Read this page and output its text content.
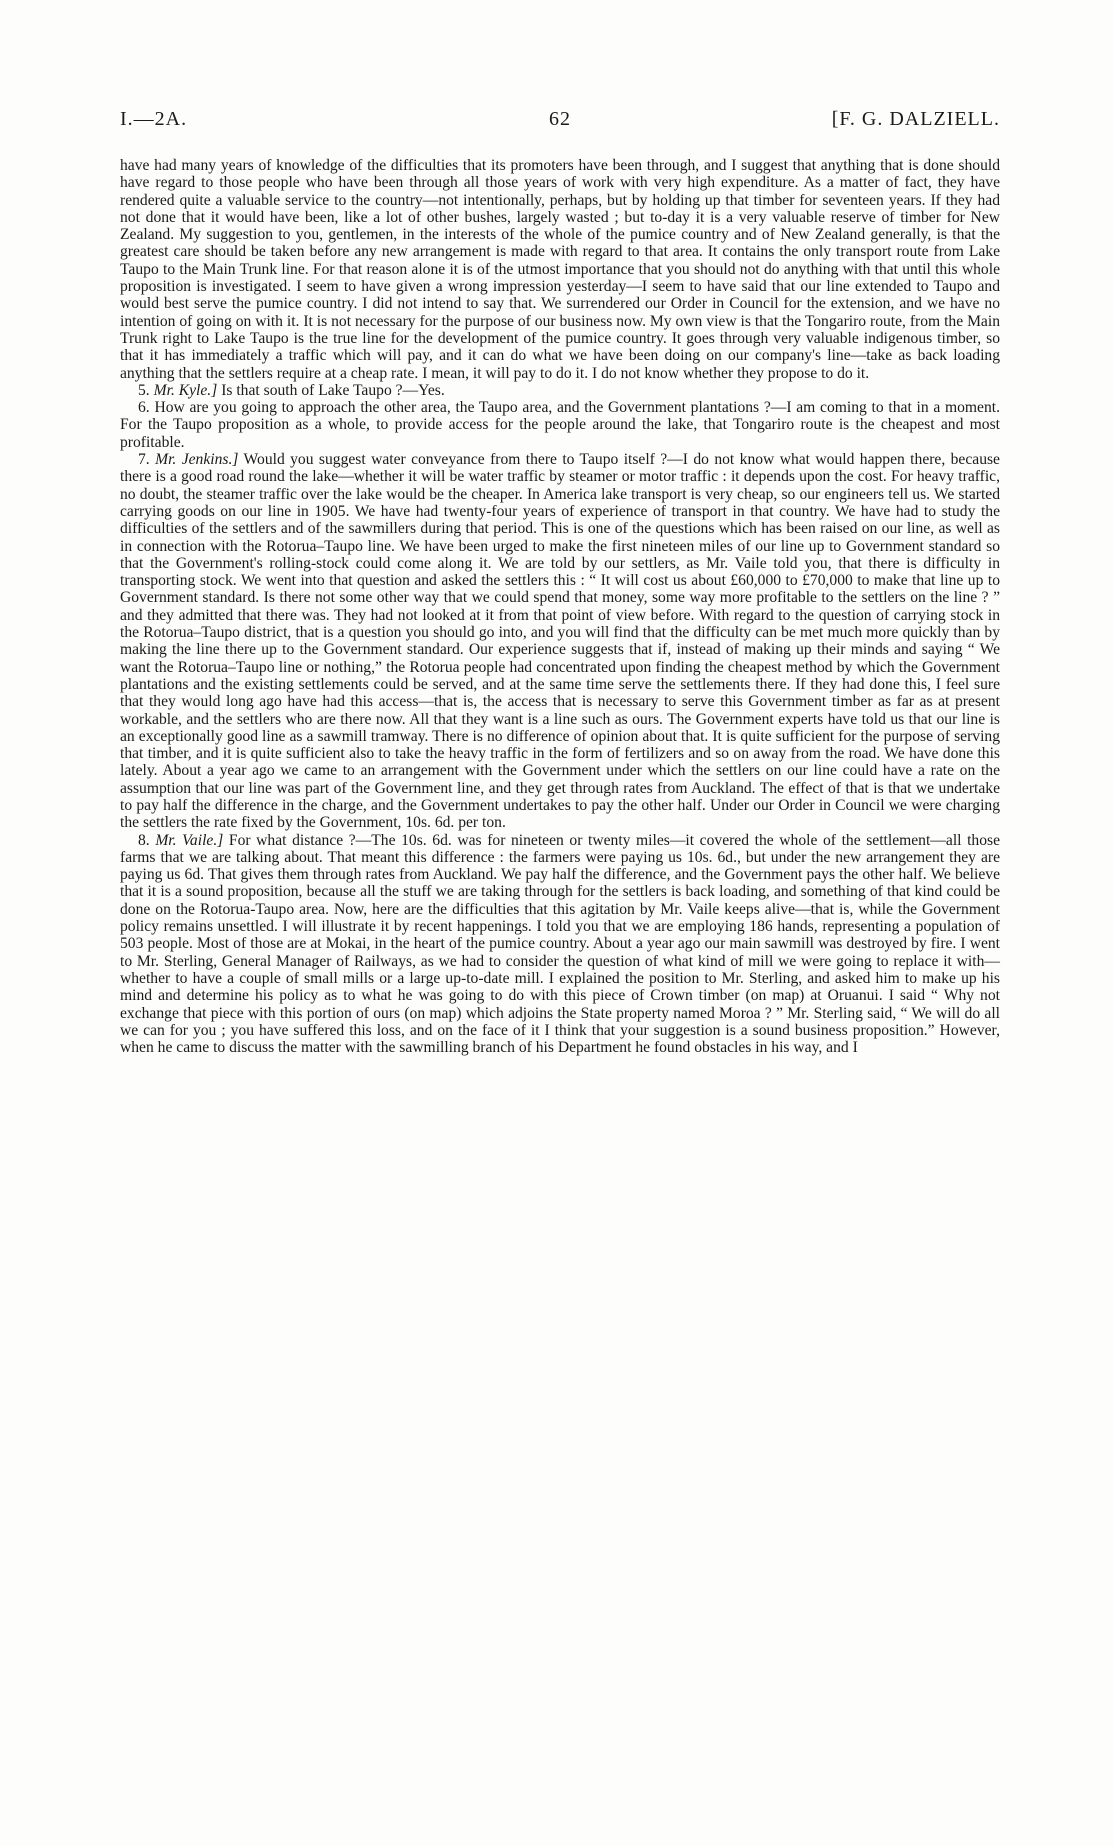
I.—2A.	62	[F. G. DALZIELL.

have had many years of knowledge of the difficulties that its promoters have been through, and I suggest that anything that is done should have regard to those people who have been through all those years of work with very high expenditure. As a matter of fact, they have rendered quite a valuable service to the country—not intentionally, perhaps, but by holding up that timber for seventeen years. If they had not done that it would have been, like a lot of other bushes, largely wasted ; but to-day it is a very valuable reserve of timber for New Zealand. My suggestion to you, gentlemen, in the interests of the whole of the pumice country and of New Zealand generally, is that the greatest care should be taken before any new arrangement is made with regard to that area. It contains the only transport route from Lake Taupo to the Main Trunk line. For that reason alone it is of the utmost importance that you should not do anything with that until this whole proposition is investigated. I seem to have given a wrong impression yesterday—I seem to have said that our line extended to Taupo and would best serve the pumice country. I did not intend to say that. We surrendered our Order in Council for the extension, and we have no intention of going on with it. It is not necessary for the purpose of our business now. My own view is that the Tongariro route, from the Main Trunk right to Lake Taupo is the true line for the development of the pumice country. It goes through very valuable indigenous timber, so that it has immediately a traffic which will pay, and it can do what we have been doing on our company's line—take as back loading anything that the settlers require at a cheap rate. I mean, it will pay to do it. I do not know whether they propose to do it.

5. Mr. Kyle.] Is that south of Lake Taupo ?—Yes.

6. How are you going to approach the other area, the Taupo area, and the Government plantations ?—I am coming to that in a moment. For the Taupo proposition as a whole, to provide access for the people around the lake, that Tongariro route is the cheapest and most profitable.

7. Mr. Jenkins.] Would you suggest water conveyance from there to Taupo itself ?—I do not know what would happen there, because there is a good road round the lake—whether it will be water traffic by steamer or motor traffic : it depends upon the cost. For heavy traffic, no doubt, the steamer traffic over the lake would be the cheaper. In America lake transport is very cheap, so our engineers tell us. We started carrying goods on our line in 1905. We have had twenty-four years of experience of transport in that country. We have had to study the difficulties of the settlers and of the sawmillers during that period. This is one of the questions which has been raised on our line, as well as in connection with the Rotorua–Taupo line. We have been urged to make the first nineteen miles of our line up to Government standard so that the Government's rolling-stock could come along it. We are told by our settlers, as Mr. Vaile told you, that there is difficulty in transporting stock. We went into that question and asked the settlers this : “ It will cost us about £60,000 to £70,000 to make that line up to Government standard. Is there not some other way that we could spend that money, some way more profitable to the settlers on the line ? ” and they admitted that there was. They had not looked at it from that point of view before. With regard to the question of carrying stock in the Rotorua–Taupo district, that is a question you should go into, and you will find that the difficulty can be met much more quickly than by making the line there up to the Government standard. Our experience suggests that if, instead of making up their minds and saying “ We want the Rotorua–Taupo line or nothing,” the Rotorua people had concentrated upon finding the cheapest method by which the Government plantations and the existing settlements could be served, and at the same time serve the settlements there. If they had done this, I feel sure that they would long ago have had this access—that is, the access that is necessary to serve this Government timber as far as at present workable, and the settlers who are there now. All that they want is a line such as ours. The Government experts have told us that our line is an exceptionally good line as a sawmill tramway. There is no difference of opinion about that. It is quite sufficient for the purpose of serving that timber, and it is quite sufficient also to take the heavy traffic in the form of fertilizers and so on away from the road. We have done this lately. About a year ago we came to an arrangement with the Government under which the settlers on our line could have a rate on the assumption that our line was part of the Government line, and they get through rates from Auckland. The effect of that is that we undertake to pay half the difference in the charge, and the Government undertakes to pay the other half. Under our Order in Council we were charging the settlers the rate fixed by the Government, 10s. 6d. per ton.

8. Mr. Vaile.] For what distance ?—The 10s. 6d. was for nineteen or twenty miles—it covered the whole of the settlement—all those farms that we are talking about. That meant this difference : the farmers were paying us 10s. 6d., but under the new arrangement they are paying us 6d. That gives them through rates from Auckland. We pay half the difference, and the Government pays the other half. We believe that it is a sound proposition, because all the stuff we are taking through for the settlers is back loading, and something of that kind could be done on the Rotorua-Taupo area. Now, here are the difficulties that this agitation by Mr. Vaile keeps alive—that is, while the Government policy remains unsettled. I will illustrate it by recent happenings. I told you that we are employing 186 hands, representing a population of 503 people. Most of those are at Mokai, in the heart of the pumice country. About a year ago our main sawmill was destroyed by fire. I went to Mr. Sterling, General Manager of Railways, as we had to consider the question of what kind of mill we were going to replace it with—whether to have a couple of small mills or a large up-to-date mill. I explained the position to Mr. Sterling, and asked him to make up his mind and determine his policy as to what he was going to do with this piece of Crown timber (on map) at Oruanui. I said “ Why not exchange that piece with this portion of ours (on map) which adjoins the State property named Moroa ? ” Mr. Sterling said, “ We will do all we can for you ; you have suffered this loss, and on the face of it I think that your suggestion is a sound business proposition.” However, when he came to discuss the matter with the sawmilling branch of his Department he found obstacles in his way, and I
